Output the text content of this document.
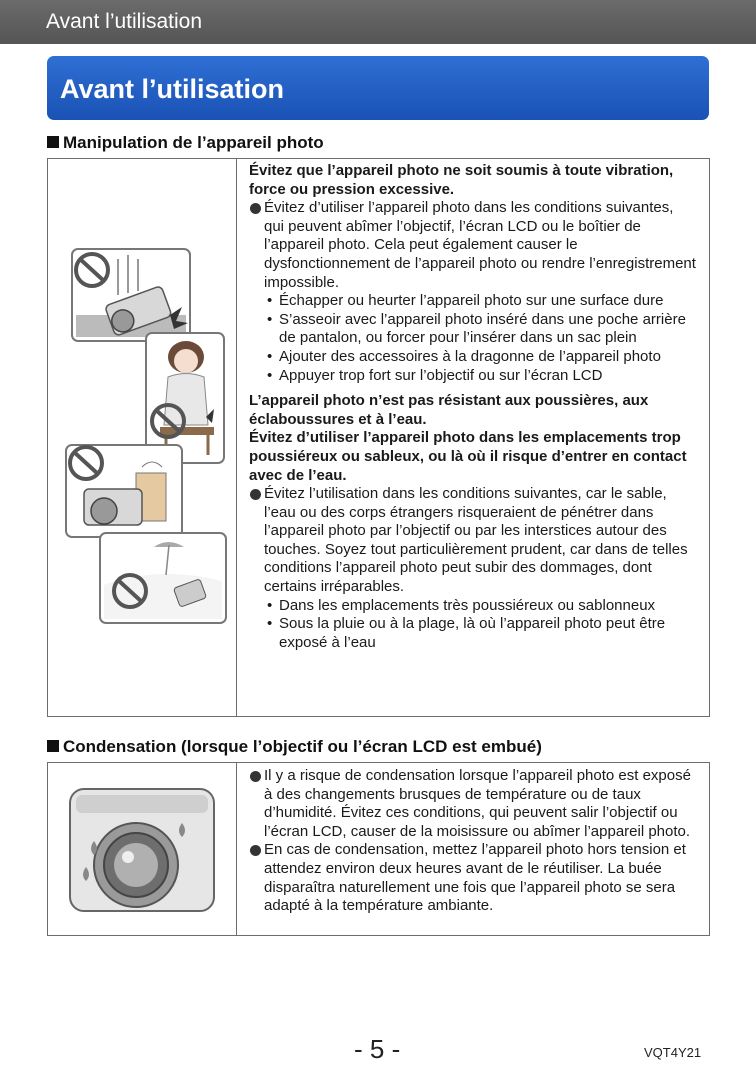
Avant l’utilisation
Avant l’utilisation
Manipulation de l’appareil photo
Évitez que l’appareil photo ne soit soumis à toute vibration, force ou pression excessive.
Évitez d’utiliser l’appareil photo dans les conditions suivantes, qui peuvent abîmer l’objectif, l’écran LCD ou le boîtier de l’appareil photo. Cela peut également causer le dysfonctionnement de l’appareil photo ou rendre l’enregistrement impossible.
• Échapper ou heurter l’appareil photo sur une surface dure
• S’asseoir avec l’appareil photo inséré dans une poche arrière de pantalon, ou forcer pour l’insérer dans un sac plein
• Ajouter des accessoires à la dragonne de l’appareil photo
• Appuyer trop fort sur l’objectif ou sur l’écran LCD
L’appareil photo n’est pas résistant aux poussières, aux éclaboussures et à l’eau.
Évitez d’utiliser l’appareil photo dans les emplacements trop poussiéreux ou sableux, ou là où il risque d’entrer en contact avec de l’eau.
Évitez l’utilisation dans les conditions suivantes, car le sable, l’eau ou des corps étrangers risqueraient de pénétrer dans l’appareil photo par l’objectif ou par les interstices autour des touches. Soyez tout particulièrement prudent, car dans de telles conditions l’appareil photo peut subir des dommages, dont certains irréparables.
• Dans les emplacements très poussiéreux ou sablonneux
• Sous la pluie ou à la plage, là où l’appareil photo peut être exposé à l’eau
Condensation (lorsque l’objectif ou l’écran LCD est embué)
Il y a risque de condensation lorsque l’appareil photo est exposé à des changements brusques de température ou de taux d’humidité. Évitez ces conditions, qui peuvent salir l’objectif ou l’écran LCD, causer de la moisissure ou abîmer l’appareil photo.
En cas de condensation, mettez l’appareil photo hors tension et attendez environ deux heures avant de le réutiliser. La buée disparaîtra naturellement une fois que l’appareil photo se sera adapté à la température ambiante.
- 5 -	VQT4Y21
